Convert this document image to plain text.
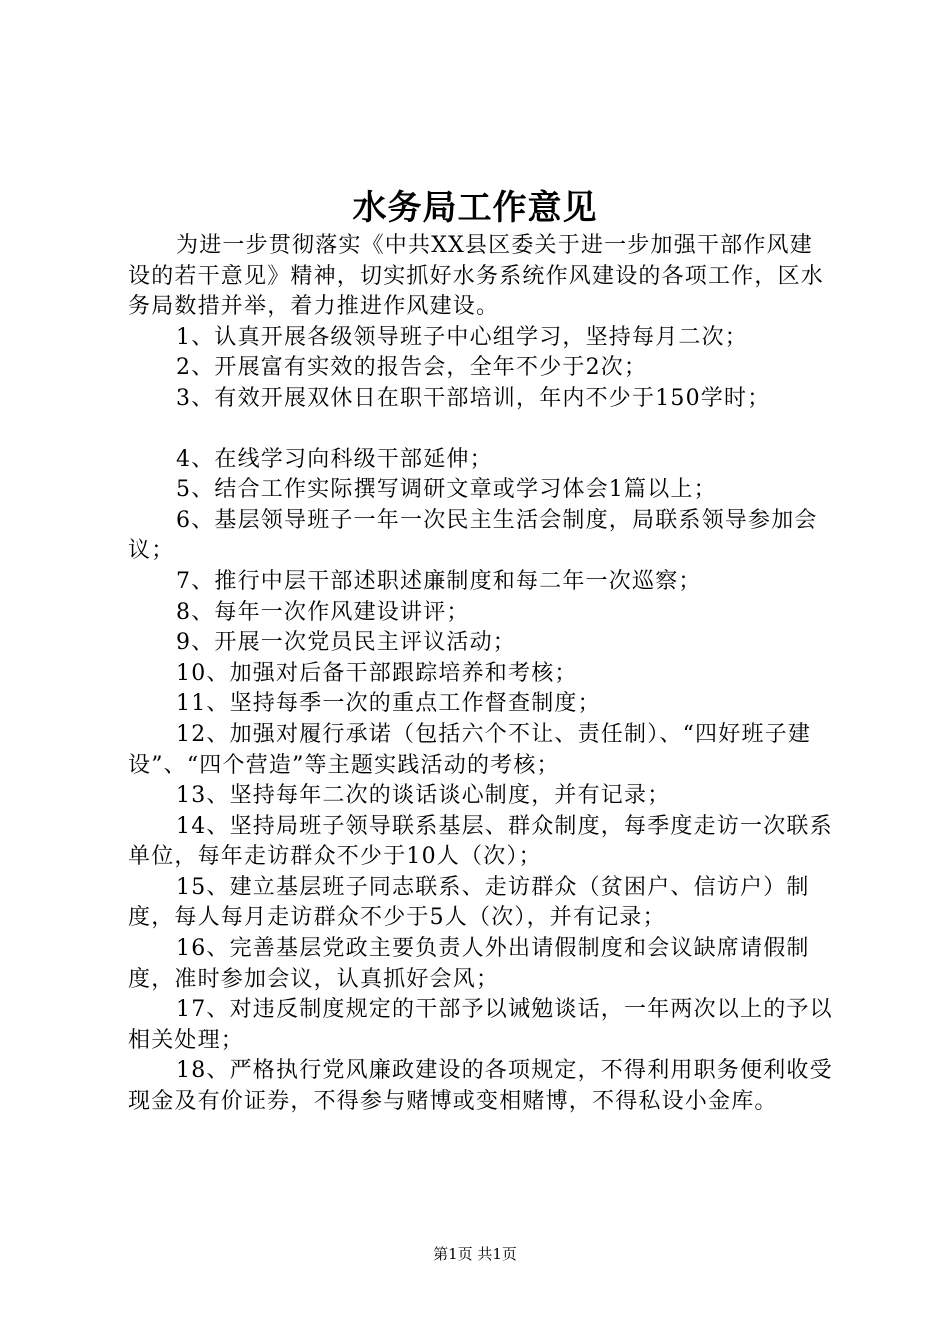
水务局工作意见

为进一步贯彻落实《中共XX县区委关于进一步加强干部作风建设的若干意见》精神，切实抓好水务系统作风建设的各项工作，区水务局数措并举，着力推进作风建设。

1、认真开展各级领导班子中心组学习，坚持每月二次；

2、开展富有实效的报告会，全年不少于2次；

3、有效开展双休日在职干部培训，年内不少于150学时；

4、在线学习向科级干部延伸；

5、结合工作实际撰写调研文章或学习体会1篇以上；

6、基层领导班子一年一次民主生活会制度，局联系领导参加会议；

7、推行中层干部述职述廉制度和每二年一次巡察；

8、每年一次作风建设讲评；

9、开展一次党员民主评议活动；

10、加强对后备干部跟踪培养和考核；

11、坚持每季一次的重点工作督查制度；

12、加强对履行承诺（包括六个不让、责任制）、“四好班子建设”、“四个营造”等主题实践活动的考核；

13、坚持每年二次的谈话谈心制度，并有记录；

14、坚持局班子领导联系基层、群众制度，每季度走访一次联系单位，每年走访群众不少于10人（次）；

15、建立基层班子同志联系、走访群众（贫困户、信访户）制度，每人每月走访群众不少于5人（次），并有记录；

16、完善基层党政主要负责人外出请假制度和会议缺席请假制度，准时参加会议，认真抓好会风；

17、对违反制度规定的干部予以诫勉谈话，一年两次以上的予以相关处理；

18、严格执行党风廉政建设的各项规定，不得利用职务便利收受现金及有价证券，不得参与赌博或变相赌博，不得私设小金库。

第1页 共1页
